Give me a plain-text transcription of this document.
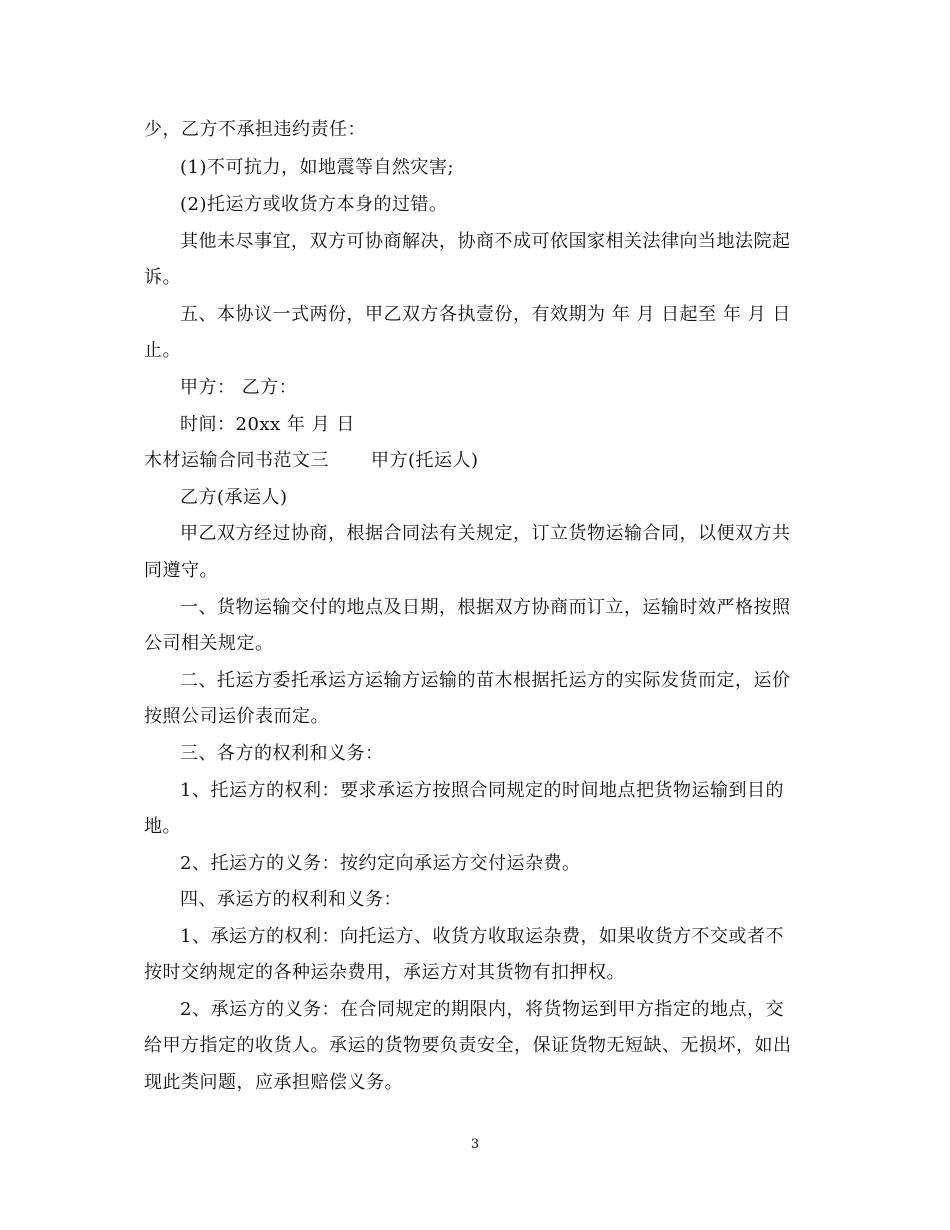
少，乙方不承担违约责任：
(1)不可抗力，如地震等自然灾害;
(2)托运方或收货方本身的过错。
其他未尽事宜，双方可协商解决，协商不成可依国家相关法律向当地法院起
诉。
五、本协议一式两份，甲乙双方各执壹份，有效期为 年 月 日起至 年 月 日
止。
甲方： 乙方：
时间：20xx 年 月 日
木材运输合同书范文三 甲方(托运人)
乙方(承运人)
甲乙双方经过协商，根据合同法有关规定，订立货物运输合同，以便双方共
同遵守。
一、货物运输交付的地点及日期，根据双方协商而订立，运输时效严格按照
公司相关规定。
二、托运方委托承运方运输方运输的苗木根据托运方的实际发货而定，运价
按照公司运价表而定。
三、各方的权利和义务：
1、托运方的权利：要求承运方按照合同规定的时间地点把货物运输到目的
地。
2、托运方的义务：按约定向承运方交付运杂费。
四、承运方的权利和义务：
1、承运方的权利：向托运方、收货方收取运杂费，如果收货方不交或者不
按时交纳规定的各种运杂费用，承运方对其货物有扣押权。
2、承运方的义务：在合同规定的期限内，将货物运到甲方指定的地点，交
给甲方指定的收货人。承运的货物要负责安全，保证货物无短缺、无损坏，如出
现此类问题，应承担赔偿义务。
3
